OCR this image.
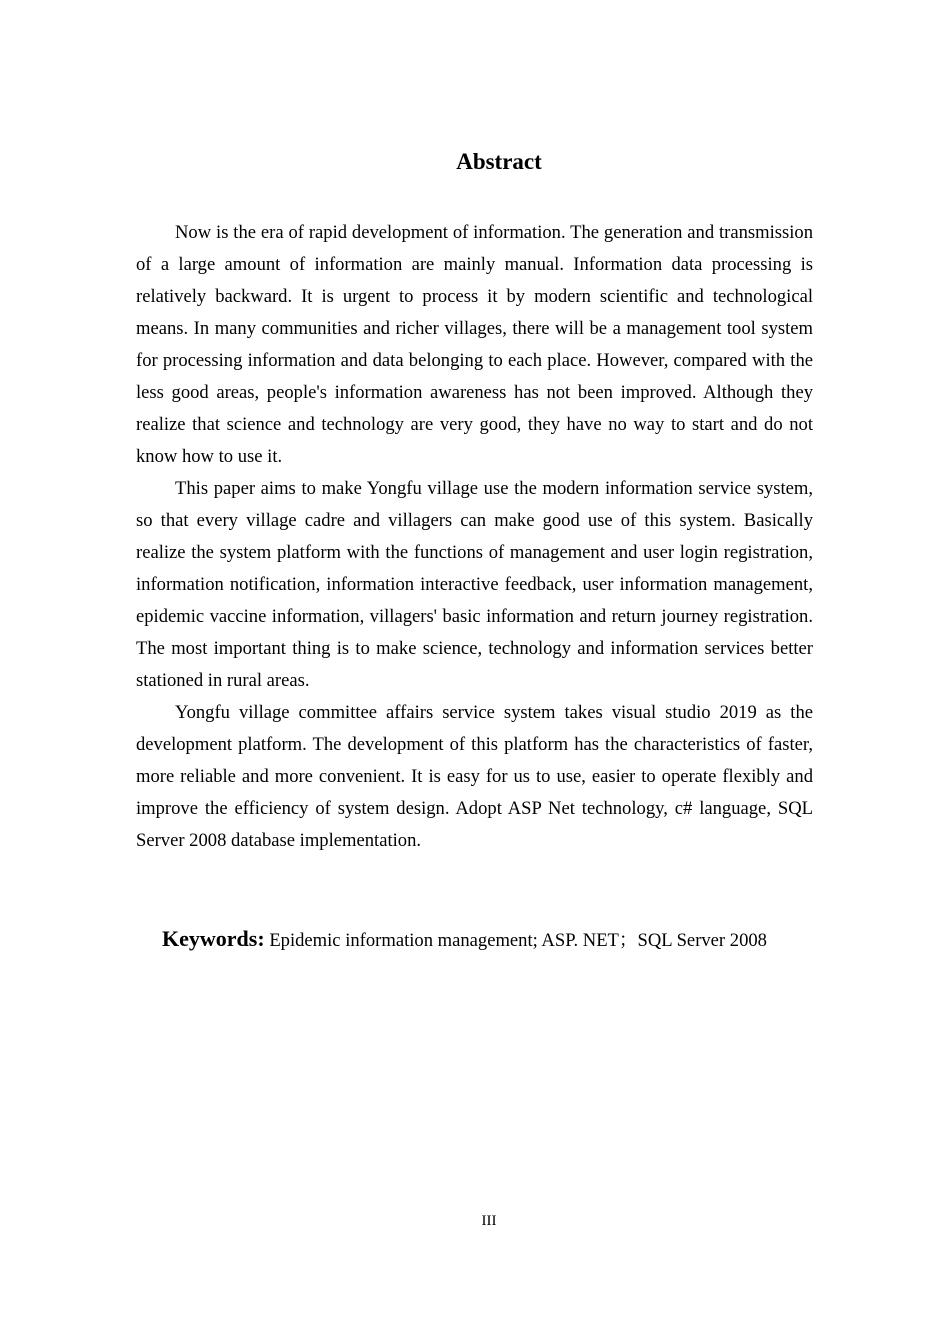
Abstract

Now is the era of rapid development of information. The generation and transmission of a large amount of information are mainly manual. Information data processing is relatively backward. It is urgent to process it by modern scientific and technological means. In many communities and richer villages, there will be a management tool system for processing information and data belonging to each place. However, compared with the less good areas, people's information awareness has not been improved. Although they realize that science and technology are very good, they have no way to start and do not know how to use it.

This paper aims to make Yongfu village use the modern information service system, so that every village cadre and villagers can make good use of this system. Basically realize the system platform with the functions of management and user login registration, information notification, information interactive feedback, user information management, epidemic vaccine information, villagers' basic information and return journey registration. The most important thing is to make science, technology and information services better stationed in rural areas.

Yongfu village committee affairs service system takes visual studio 2019 as the development platform. The development of this platform has the characteristics of faster, more reliable and more convenient. It is easy for us to use, easier to operate flexibly and improve the efficiency of system design. Adopt ASP Net technology, c# language, SQL Server 2008 database implementation.

Keywords: Epidemic information management; ASP. NET；SQL Server 2008
III
